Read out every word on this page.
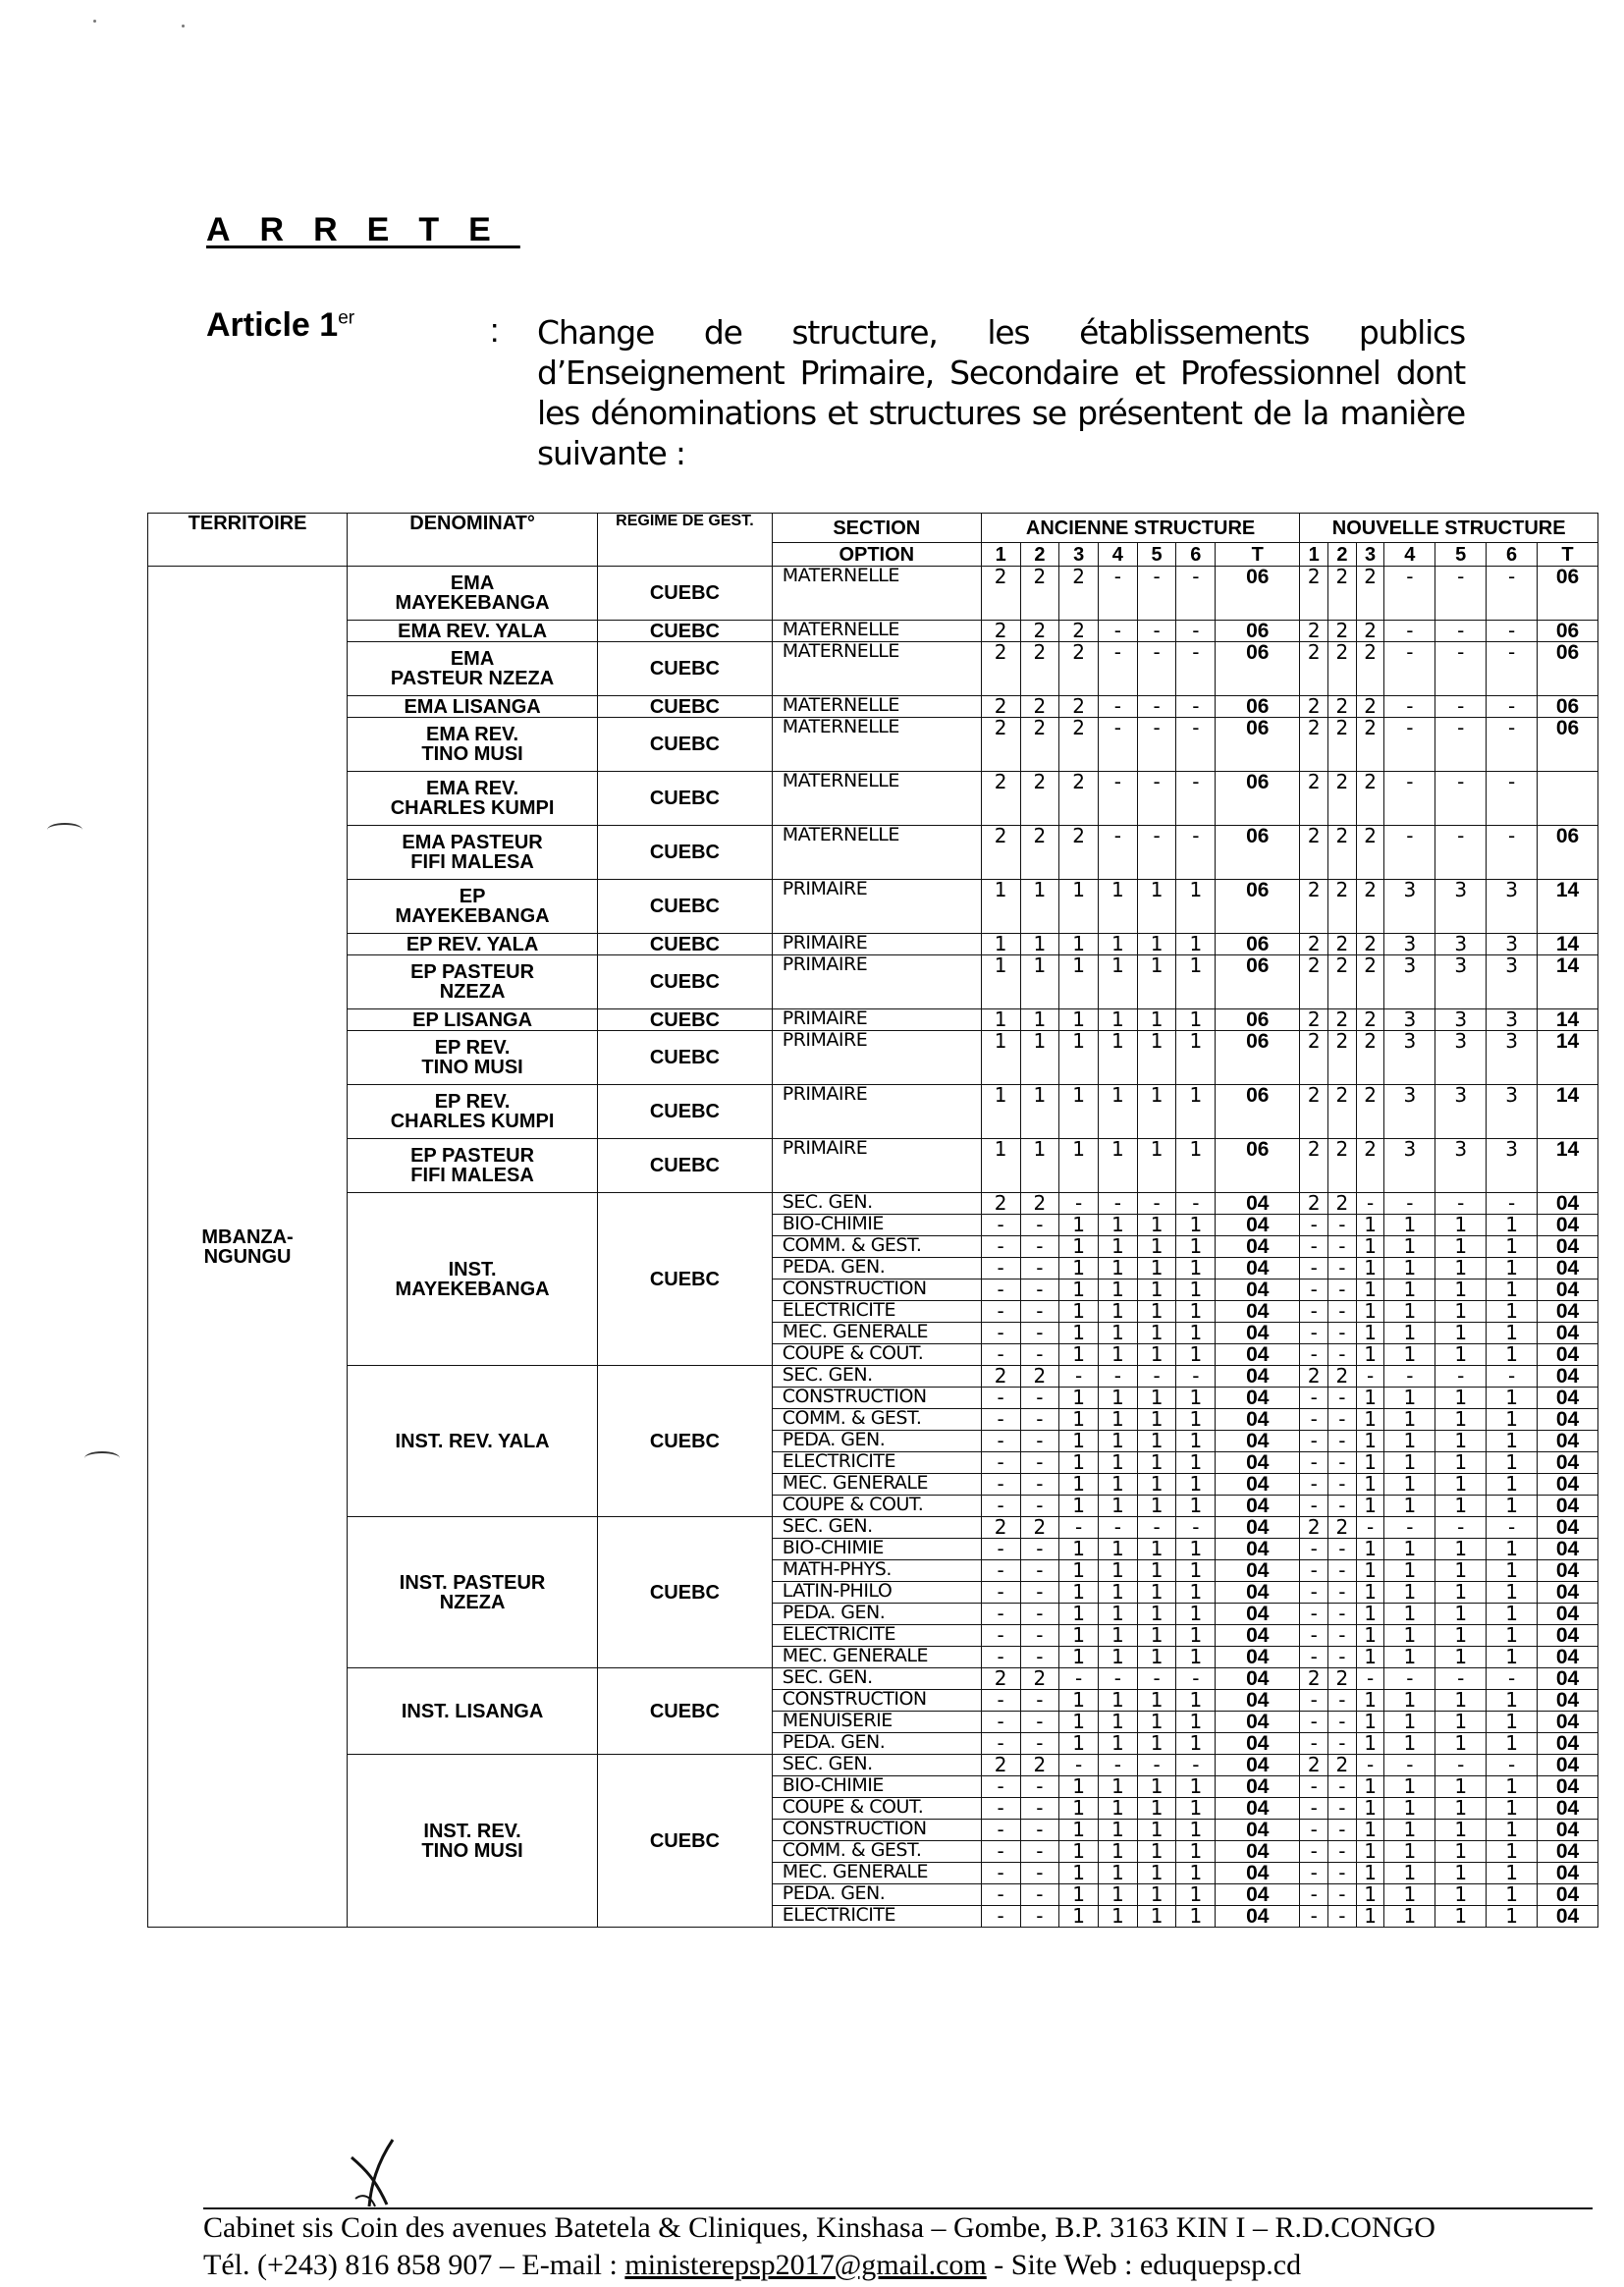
ARRETE
Article 1er	: Change de structure, les établissements publics d’Enseignement Primaire, Secondaire et Professionnel dont les dénominations et structures se présentent de la manière suivante :

TERRITOIRE	DENOMINAT°	REGIME DE GEST.	SECTION	ANCIENNE STRUCTURE							NOUVELLE STRUCTURE						
			OPTION	1	2	3	4	5	6	T	1	2	3	4	5	6	T
MBANZA-
NGUNGU	EMA
MAYEKEBANGA	CUEBC	MATERNELLE	2	2	2	-	-	-	06	2	2	2	-	-	-	06
	EMA REV. YALA	CUEBC	MATERNELLE	2	2	2	-	-	-	06	2	2	2	-	-	-	06
	EMA
PASTEUR NZEZA	CUEBC	MATERNELLE	2	2	2	-	-	-	06	2	2	2	-	-	-	06
	EMA LISANGA	CUEBC	MATERNELLE	2	2	2	-	-	-	06	2	2	2	-	-	-	06
	EMA REV.
TINO MUSI	CUEBC	MATERNELLE	2	2	2	-	-	-	06	2	2	2	-	-	-	06
	EMA REV.
CHARLES KUMPI	CUEBC	MATERNELLE	2	2	2	-	-	-	06	2	2	2	-	-	-	
	EMA PASTEUR
FIFI MALESA	CUEBC	MATERNELLE	2	2	2	-	-	-	06	2	2	2	-	-	-	06
	EP
MAYEKEBANGA	CUEBC	PRIMAIRE	1	1	1	1	1	1	06	2	2	2	3	3	3	14
	EP REV. YALA	CUEBC	PRIMAIRE	1	1	1	1	1	1	06	2	2	2	3	3	3	14
	EP PASTEUR
NZEZA	CUEBC	PRIMAIRE	1	1	1	1	1	1	06	2	2	2	3	3	3	14
	EP LISANGA	CUEBC	PRIMAIRE	1	1	1	1	1	1	06	2	2	2	3	3	3	14
	EP REV.
TINO MUSI	CUEBC	PRIMAIRE	1	1	1	1	1	1	06	2	2	2	3	3	3	14
	EP REV.
CHARLES KUMPI	CUEBC	PRIMAIRE	1	1	1	1	1	1	06	2	2	2	3	3	3	14
	EP PASTEUR
FIFI MALESA	CUEBC	PRIMAIRE	1	1	1	1	1	1	06	2	2	2	3	3	3	14
	INST.
MAYEKEBANGA	CUEBC	SEC. GEN.	2	2	-	-	-	-	04	2	2	-	-	-	-	04
			BIO-CHIMIE	-	-	1	1	1	1	04	-	-	1	1	1	1	04
			COMM. & GEST.	-	-	1	1	1	1	04	-	-	1	1	1	1	04
			PEDA. GEN.	-	-	1	1	1	1	04	-	-	1	1	1	1	04
			CONSTRUCTION	-	-	1	1	1	1	04	-	-	1	1	1	1	04
			ELECTRICITE	-	-	1	1	1	1	04	-	-	1	1	1	1	04
			MEC. GENERALE	-	-	1	1	1	1	04	-	-	1	1	1	1	04
			COUPE & COUT.	-	-	1	1	1	1	04	-	-	1	1	1	1	04
	INST. REV. YALA	CUEBC	SEC. GEN.	2	2	-	-	-	-	04	2	2	-	-	-	-	04
			CONSTRUCTION	-	-	1	1	1	1	04	-	-	1	1	1	1	04
			COMM. & GEST.	-	-	1	1	1	1	04	-	-	1	1	1	1	04
			PEDA. GEN.	-	-	1	1	1	1	04	-	-	1	1	1	1	04
			ELECTRICITE	-	-	1	1	1	1	04	-	-	1	1	1	1	04
			MEC. GENERALE	-	-	1	1	1	1	04	-	-	1	1	1	1	04
			COUPE & COUT.	-	-	1	1	1	1	04	-	-	1	1	1	1	04
	INST. PASTEUR
NZEZA	CUEBC	SEC. GEN.	2	2	-	-	-	-	04	2	2	-	-	-	-	04
			BIO-CHIMIE	-	-	1	1	1	1	04	-	-	1	1	1	1	04
			MATH-PHYS.	-	-	1	1	1	1	04	-	-	1	1	1	1	04
			LATIN-PHILO	-	-	1	1	1	1	04	-	-	1	1	1	1	04
			PEDA. GEN.	-	-	1	1	1	1	04	-	-	1	1	1	1	04
			ELECTRICITE	-	-	1	1	1	1	04	-	-	1	1	1	1	04
			MEC. GENERALE	-	-	1	1	1	1	04	-	-	1	1	1	1	04
	INST. LISANGA	CUEBC	SEC. GEN.	2	2	-	-	-	-	04	2	2	-	-	-	-	04
			CONSTRUCTION	-	-	1	1	1	1	04	-	-	1	1	1	1	04
			MENUISERIE	-	-	1	1	1	1	04	-	-	1	1	1	1	04
			PEDA. GEN.	-	-	1	1	1	1	04	-	-	1	1	1	1	04
	INST. REV.
TINO MUSI	CUEBC	SEC. GEN.	2	2	-	-	-	-	04	2	2	-	-	-	-	04
			BIO-CHIMIE	-	-	1	1	1	1	04	-	-	1	1	1	1	04
			COUPE & COUT.	-	-	1	1	1	1	04	-	-	1	1	1	1	04
			CONSTRUCTION	-	-	1	1	1	1	04	-	-	1	1	1	1	04
			COMM. & GEST.	-	-	1	1	1	1	04	-	-	1	1	1	1	04
			MEC. GENERALE	-	-	1	1	1	1	04	-	-	1	1	1	1	04
			PEDA. GEN.	-	-	1	1	1	1	04	-	-	1	1	1	1	04
			ELECTRICITE	-	-	1	1	1	1	04	-	-	1	1	1	1	04

Cabinet sis Coin des avenues Batetela & Cliniques, Kinshasa – Gombe, B.P. 3163 KIN I – R.D.CONGO

Tél. (+243) 816 858 907 – E-mail : ministerepsp2017@gmail.com - Site Web : eduquepsp.cd
